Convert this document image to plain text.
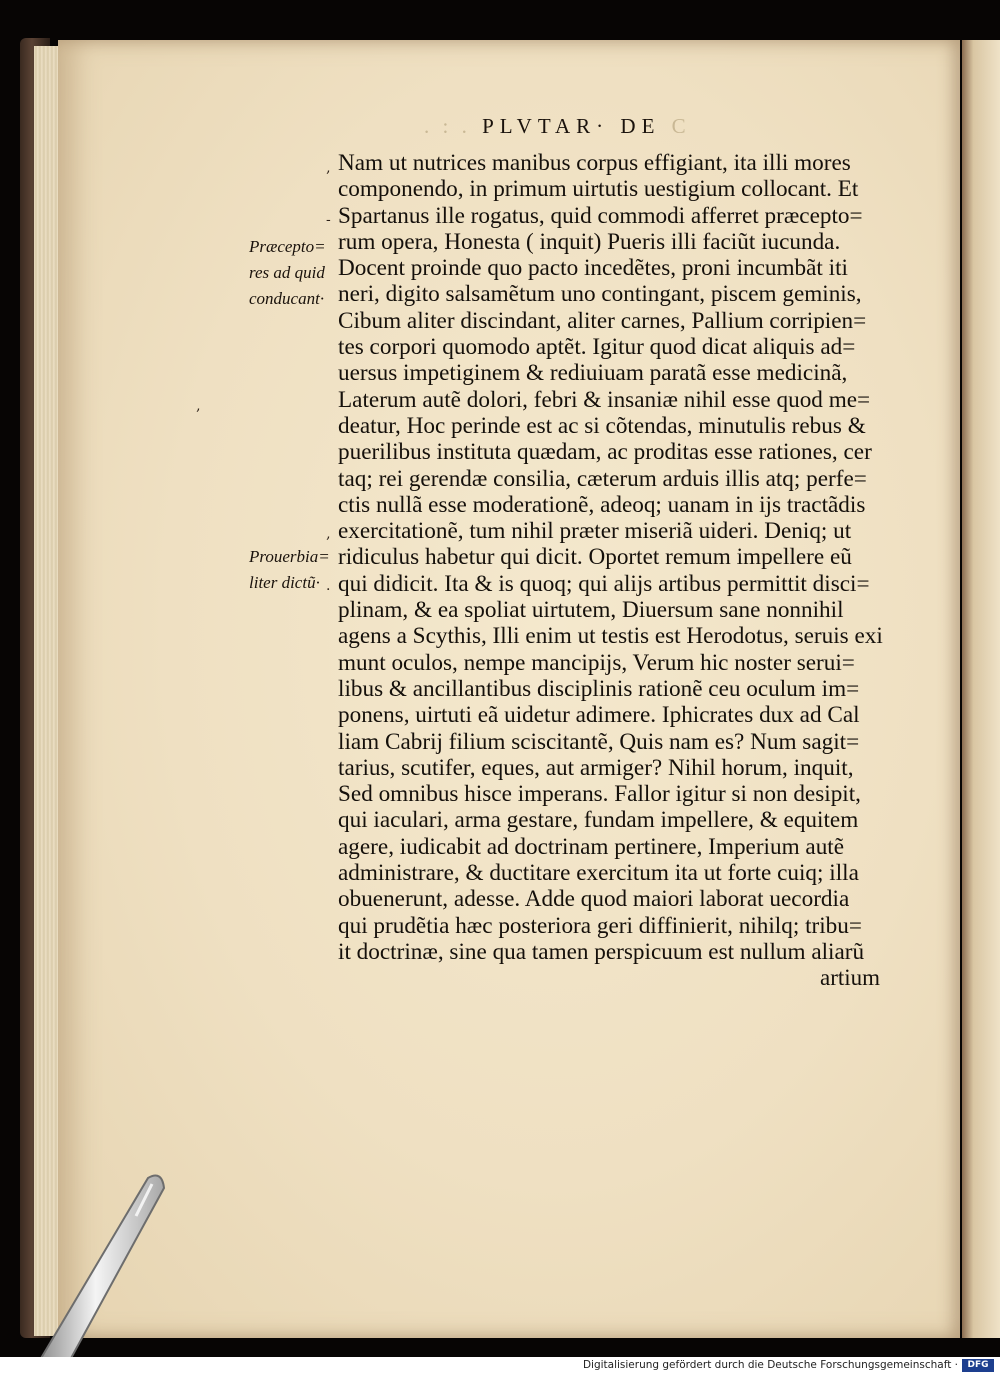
. : . PLVTAR· DE C
Præcepto=
res ad quid
conducant·
Prouerbia=
liter dictũ·
‚
-
‚
.
‚
Nam ut nutrices manibus corpus effigiant, ita illi mores
componendo, in primum uirtutis uestigium collocant. Et
Spartanus ille rogatus, quid commodi afferret præcepto=
rum opera, Honesta ( inquit) Pueris illi faciũt iucunda.
Docent proinde quo pacto incedẽtes, proni incumbãt iti
neri, digito salsamẽtum uno contingant, piscem geminis,
Cibum aliter discindant, aliter carnes, Pallium corripien=
tes corpori quomodo aptẽt. Igitur quod dicat aliquis ad=
uersus impetiginem & rediuiuam paratã esse medicinã,
Laterum autẽ dolori, febri & insaniæ nihil esse quod me=
deatur, Hoc perinde est ac si cõtendas, minutulis rebus &
puerilibus instituta quædam, ac proditas esse rationes, cer
taq; rei gerendæ consilia, cæterum arduis illis atq; perfe=
ctis nullã esse moderationẽ, adeoq; uanam in ijs tractãdis
exercitationẽ, tum nihil præter miseriã uideri. Deniq; ut
ridiculus habetur qui dicit. Oportet remum impellere eũ
qui didicit. Ita & is quoq; qui alijs artibus permittit disci=
plinam, & ea spoliat uirtutem, Diuersum sane nonnihil
agens a Scythis, Illi enim ut testis est Herodotus, seruis exi
munt oculos, nempe mancipijs, Verum hic noster serui=
libus & ancillantibus disciplinis rationẽ ceu oculum im=
ponens, uirtuti eã uidetur adimere. Iphicrates dux ad Cal
liam Cabrij filium sciscitantẽ, Quis nam es? Num sagit=
tarius, scutifer, eques, aut armiger? Nihil horum, inquit,
Sed omnibus hisce imperans. Fallor igitur si non desipit,
qui iaculari, arma gestare, fundam impellere, & equitem
agere, iudicabit ad doctrinam pertinere, Imperium autẽ
administrare, & ductitare exercitum ita ut forte cuiq; illa
obuenerunt, adesse. Adde quod maiori laborat uecordia
qui prudẽtia hæc posteriora geri diffinierit, nihilq; tribu=
it doctrinæ, sine qua tamen perspicuum est nullum aliarũ
artium
Digitalisierung gefördert durch die Deutsche Forschungsgemeinschaft ·	DFG
